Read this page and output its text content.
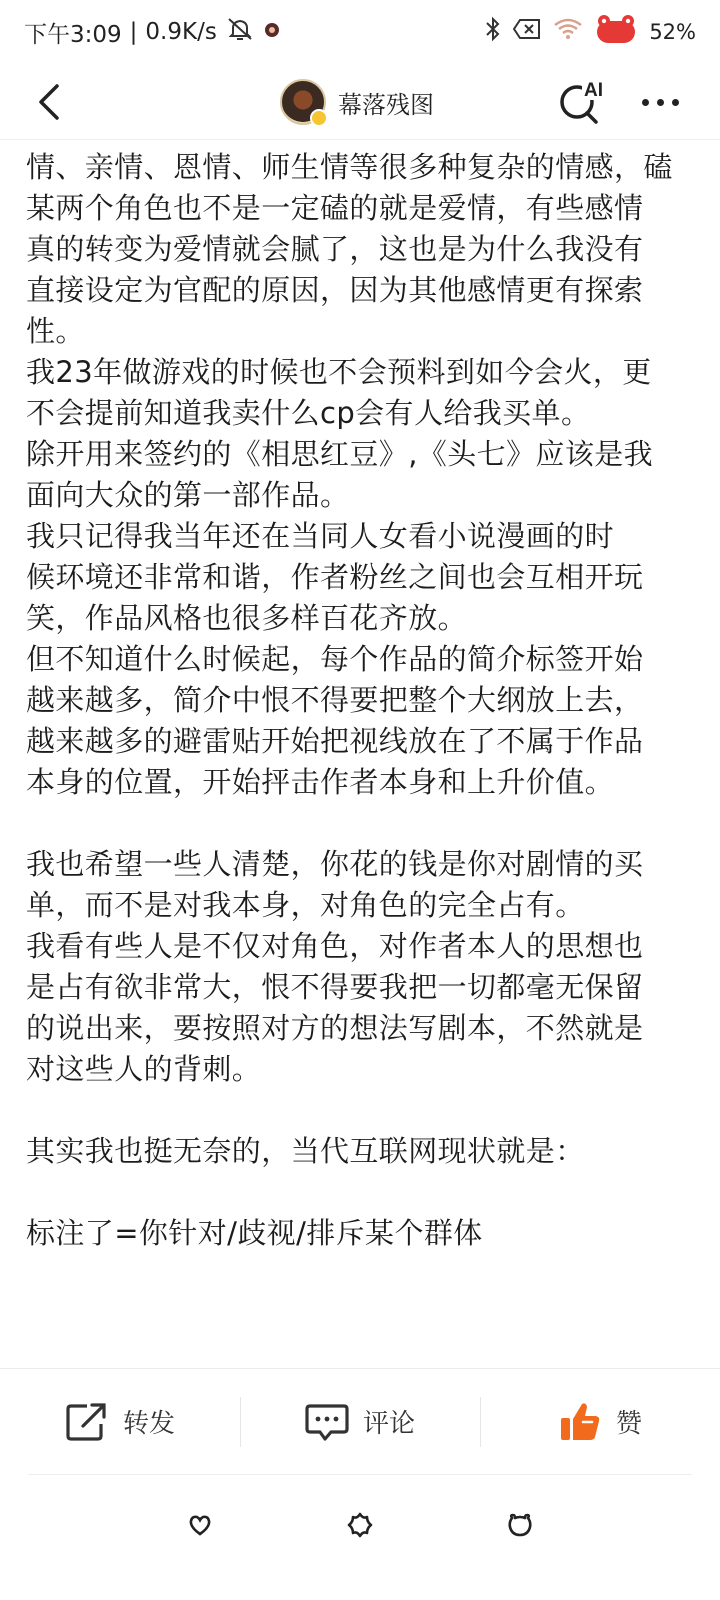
下午3:09 | 0.9K/s	52%
幕落残图	AI
情、亲情、恩情、师生情等很多种复杂的情感，磕
某两个角色也不是一定磕的就是爱情，有些感情
真的转变为爱情就会腻了，这也是为什么我没有
直接设定为官配的原因，因为其他感情更有探索
性。
我23年做游戏的时候也不会预料到如今会火，更
不会提前知道我卖什么cp会有人给我买单。
除开用来签约的《相思红豆》,《头七》应该是我
面向大众的第一部作品。
我只记得我当年还在当同人女看小说漫画的时
候环境还非常和谐，作者粉丝之间也会互相开玩
笑，作品风格也很多样百花齐放。
但不知道什么时候起，每个作品的简介标签开始
越来越多，简介中恨不得要把整个大纲放上去，
越来越多的避雷贴开始把视线放在了不属于作品
本身的位置，开始抨击作者本身和上升价值。
我也希望一些人清楚，你花的钱是你对剧情的买
单，而不是对我本身，对角色的完全占有。
我看有些人是不仅对角色，对作者本人的思想也
是占有欲非常大，恨不得要我把一切都毫无保留
的说出来，要按照对方的想法写剧本，不然就是
对这些人的背刺。
其实我也挺无奈的，当代互联网现状就是：
标注了=你针对/歧视/排斥某个群体
转发	评论	赞
